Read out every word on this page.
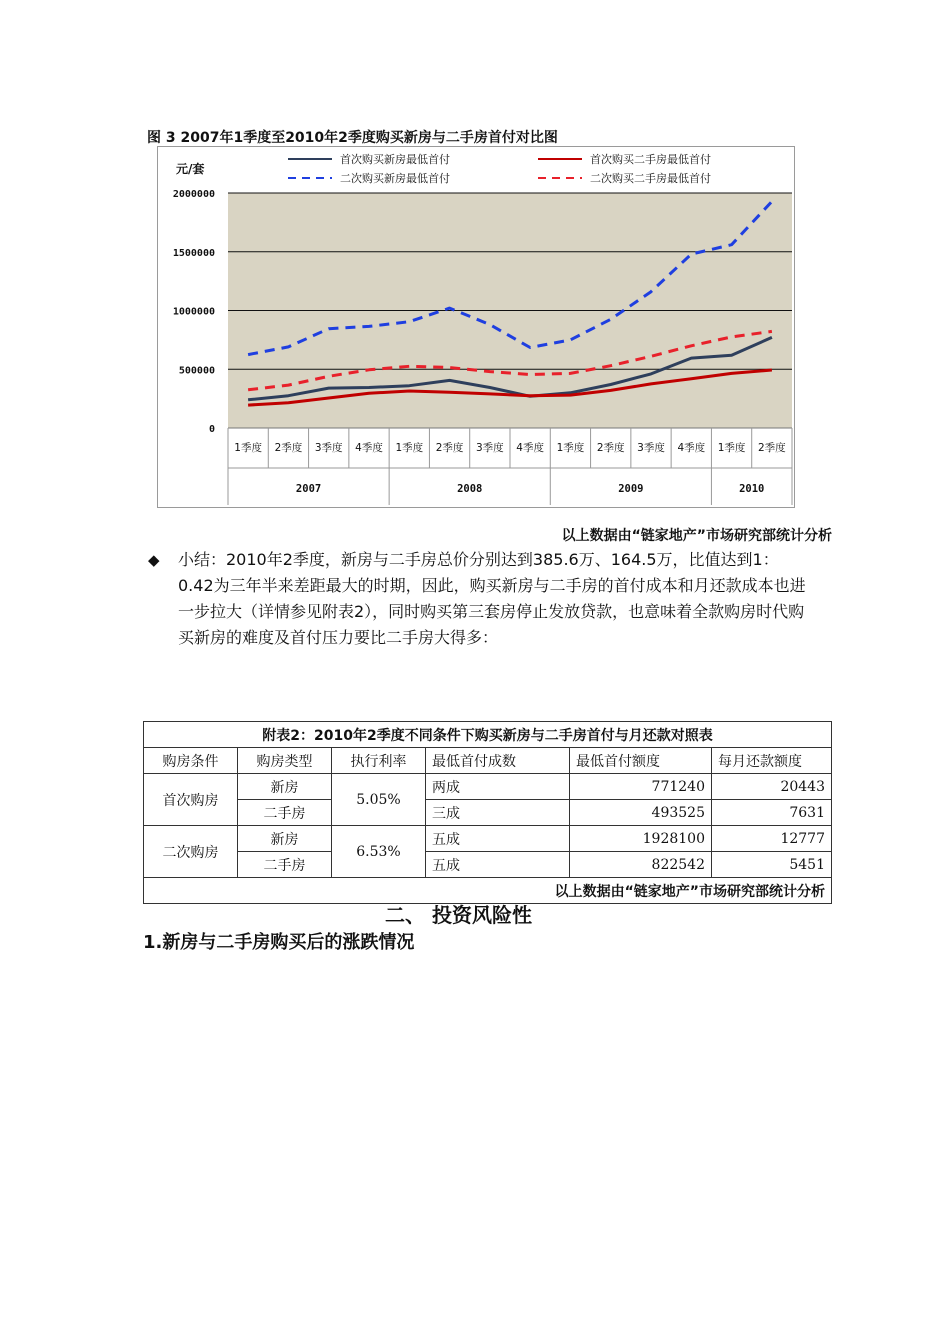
图 3 2007年1季度至2010年2季度购买新房与二手房首付对比图
0
500000
1000000
1500000
2000000
元/套
1季度 2季度 3季度 4季度 1季度 2季度 3季度 4季度 1季度 2季度 3季度 4季度 1季度 2季度
2007	2008	2009	2010
首次购买新房最低首付	首次购买二手房最低首付
二次购买新房最低首付	二次购买二手房最低首付
以上数据由“链家地产”市场研究部统计分析
◆ 小结：2010年2季度，新房与二手房总价分别达到385.6万、164.5万，比值达到1：0.42为三年半来差距最大的时期，因此，购买新房与二手房的首付成本和月还款成本也进一步拉大（详情参见附表2），同时购买第三套房停止发放贷款，也意味着全款购房时代购买新房的难度及首付压力要比二手房大得多：
附表2：2010年2季度不同条件下购买新房与二手房首付与月还款对照表					
购房条件	购房类型	执行利率	最低首付成数	最低首付额度	每月还款额度
首次购房	新房	5.05%	两成	771240	20443
	二手房		三成	493525	7631
二次购房	新房	6.53%	五成	1928100	12777
	二手房		五成	822542	5451
以上数据由“链家地产”市场研究部统计分析					
二、 投资风险性
1.新房与二手房购买后的涨跌情况
